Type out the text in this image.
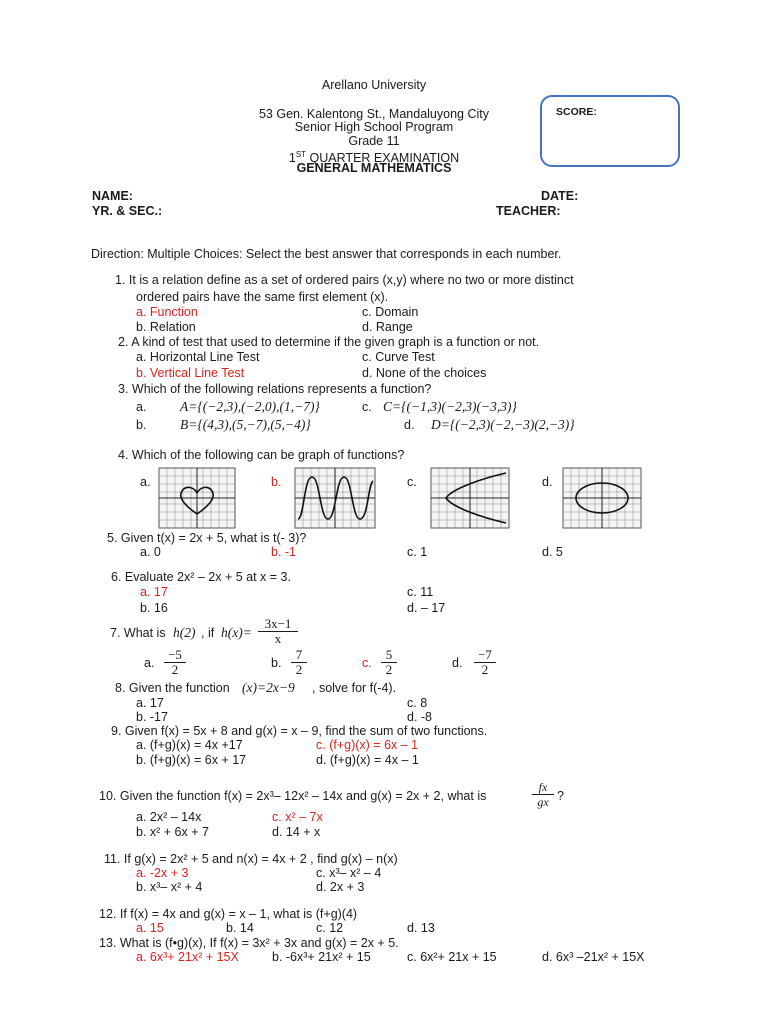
Arellano University
53 Gen. Kalentong St., Mandaluyong City
Senior High School Program
Grade 11
1ST QUARTER EXAMINATION
GENERAL MATHEMATICS
SCORE:
NAME:	DATE:
YR. & SEC.:	TEACHER:
Direction: Multiple Choices: Select the best answer that corresponds in each number.
1. It is a relation define as a set of ordered pairs (x,y) where no two or more distinct
ordered pairs have the same first element (x).
a. Function	c. Domain
b. Relation	d. Range
2. A kind of test that used to determine if the given graph is a function or not.
a. Horizontal Line Test	c. Curve Test
b. Vertical Line Test	d. None of the choices
3. Which of the following relations represents a function?
a. A={(−2,3),(−2,0),(1,−7)}	c. C={(−1,3)(−2,3)(−3,3)}
b. B={(4,3),(5,−7),(5,−4)}	d. D={(−2,3)(−2,−3)(2,−3)}
4. Which of the following can be graph of functions?
a.	b.	c.	d.
5. Given t(x) = 2x + 5, what is t(- 3)?
a. 0	b. -1	c. 1	d. 5
6. Evaluate 2x² – 2x + 5 at x = 3.
a. 17	c. 11
b. 16	d. – 17
7. What is h(2) , if $h(x)= \frac{3x-1}{x}$
a. $\frac{-5}{2}$	b. $\frac{7}{2}$	c. $\frac{5}{2}$	d. $\frac{-7}{2}$
8. Given the function (x)=2x−9 , solve for f(-4).
a. 17	c. 8
b. -17	d. -8
9. Given f(x) = 5x + 8 and g(x) = x – 9, find the sum of two functions.
a. (f+g)(x) = 4x +17	c. (f+g)(x) = 6x – 1
b. (f+g)(x) = 6x + 17	d. (f+g)(x) = 4x – 1
10. Given the function f(x) = 2x³– 12x² – 14x and g(x) = 2x + 2, what is	$\frac{fx}{gx}$ ?
a. 2x² – 14x	c. x² – 7x
b. x² + 6x + 7	d. 14 + x
11. If g(x) = 2x² + 5 and n(x) = 4x + 2 , find g(x) – n(x)
a. -2x + 3	c. x³– x² – 4
b. x³– x² + 4	d. 2x + 3
12. If f(x) = 4x and g(x) = x – 1, what is (f+g)(4)
a. 15	b. 14	c. 12	d. 13
13. What is (f•g)(x), If f(x) = 3x² + 3x and g(x) = 2x + 5.
a. 6x³+ 21x² + 15X	b. -6x³+ 21x² + 15	c. 6x²+ 21x + 15	d. 6x³ –21x² + 15X
